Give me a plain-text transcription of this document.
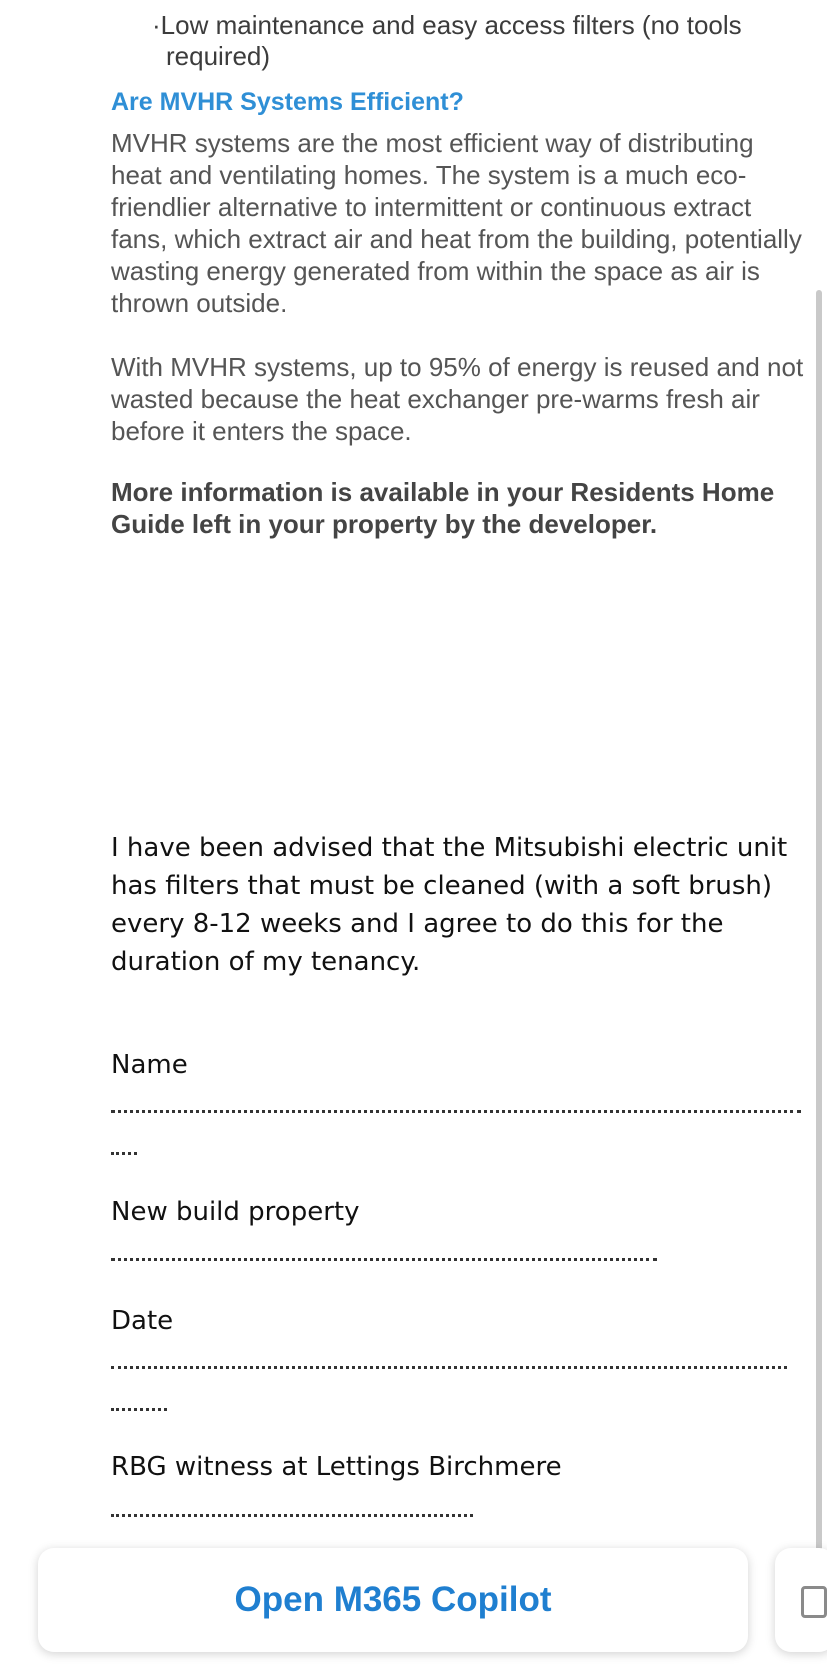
·Low maintenance and easy access filters (no tools required)

Are MVHR Systems Efficient?

MVHR systems are the most efficient way of distributing heat and ventilating homes. The system is a much eco-friendlier alternative to intermittent or continuous extract fans, which extract air and heat from the building, potentially wasting energy generated from within the space as air is thrown outside.

With MVHR systems, up to 95% of energy is reused and not wasted because the heat exchanger pre-warms fresh air before it enters the space.

More information is available in your Residents Home Guide left in your property by the developer.

I have been advised that the Mitsubishi electric unit has filters that must be cleaned (with a soft brush) every 8-12 weeks and I agree to do this for the duration of my tenancy.

Name

New build property

Date

RBG witness at Lettings Birchmere

Open M365 Copilot
